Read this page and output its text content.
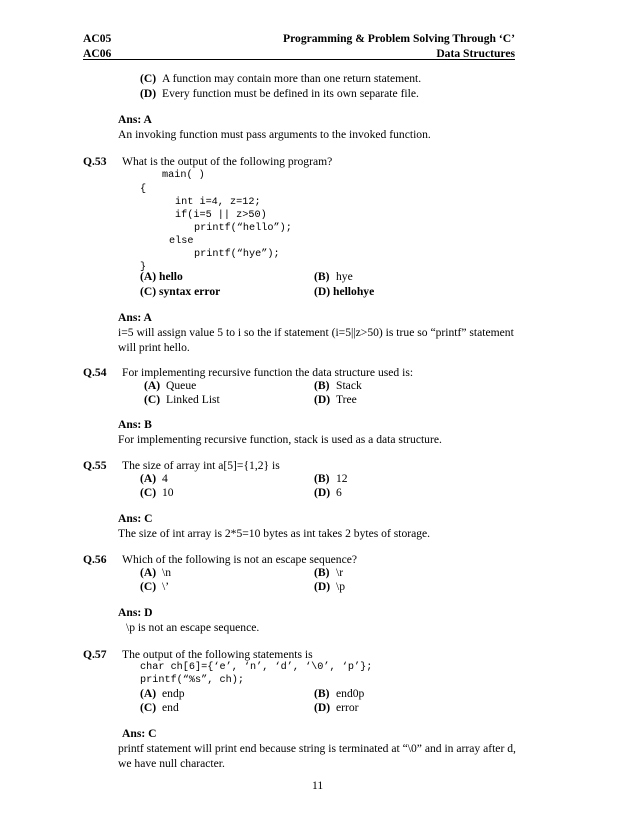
AC05
AC06
Programming & Problem Solving Through ‘C’
Data Structures
(C) A function may contain more than one return statement.
(D) Every function must be defined in its own separate file.
Ans: A
An invoking function must pass arguments to the invoked function.
Q.53 What is the output of the following program?
main( )
{
int i=4, z=12;
if(i=5 || z>50)
printf(“hello”);
else
printf(“hye”);
}
(A) hello	(B) hye
(C) syntax error	(D) hellohye
Ans: A
i=5 will assign value 5 to i so the if statement (i=5||z>50) is true so “printf” statement
will print hello.
Q.54 For implementing recursive function the data structure used is:
(A) Queue	(B) Stack
(C) Linked List	(D) Tree
Ans: B
For implementing recursive function, stack is used as a data structure.
Q.55 The size of array int a[5]={1,2} is
(A) 4	(B) 12
(C) 10	(D) 6
Ans: C
The size of int array is 2*5=10 bytes as int takes 2 bytes of storage.
Q.56 Which of the following is not an escape sequence?
(A) \n	(B) \r
(C) \’	(D) \p
Ans: D
\p is not an escape sequence.
Q.57 The output of the following statements is
char ch[6]={‘e’, ‘n’, ‘d’, ‘\0’, ‘p’};
printf(“%s”, ch);
(A) endp	(B) end0p
(C) end	(D) error
Ans: C
printf statement will print end because string is terminated at “\0” and in array after d,
we have null character.
11
